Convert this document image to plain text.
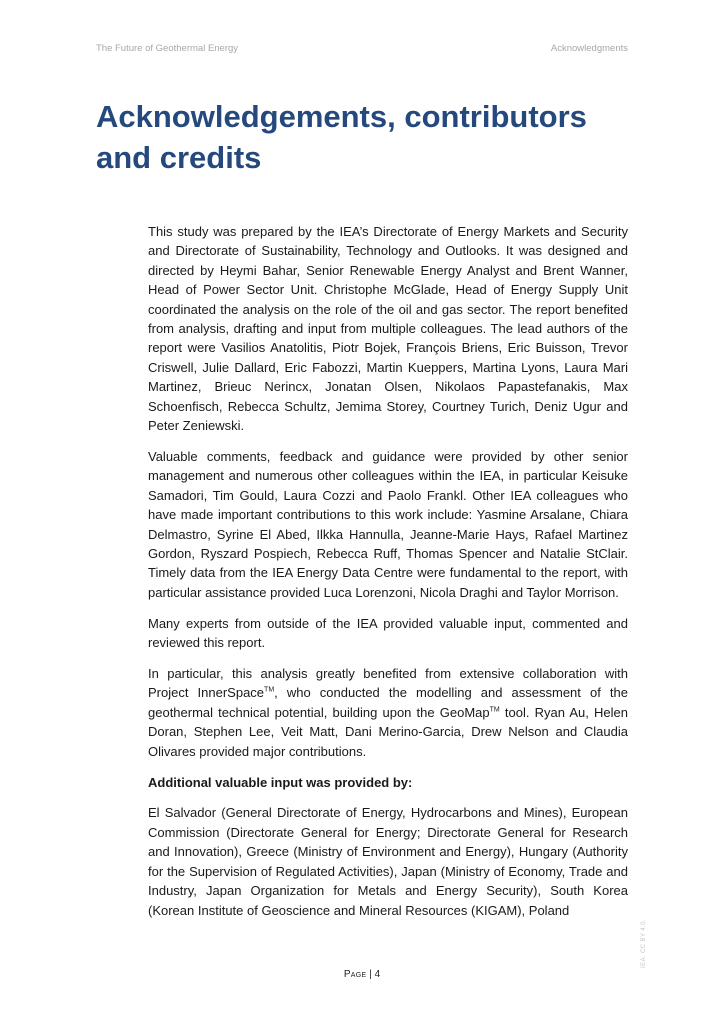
The Future of Geothermal Energy	Acknowledgments
Acknowledgements, contributors and credits

This study was prepared by the IEA’s Directorate of Energy Markets and Security and Directorate of Sustainability, Technology and Outlooks. It was designed and directed by Heymi Bahar, Senior Renewable Energy Analyst and Brent Wanner, Head of Power Sector Unit. Christophe McGlade, Head of Energy Supply Unit coordinated the analysis on the role of the oil and gas sector. The report benefited from analysis, drafting and input from multiple colleagues. The lead authors of the report were Vasilios Anatolitis, Piotr Bojek, François Briens, Eric Buisson, Trevor Criswell, Julie Dallard, Eric Fabozzi, Martin Kueppers, Martina Lyons, Laura Mari Martinez, Brieuc Nerincx, Jonatan Olsen, Nikolaos Papastefanakis, Max Schoenfisch, Rebecca Schultz, Jemima Storey, Courtney Turich, Deniz Ugur and Peter Zeniewski.

Valuable comments, feedback and guidance were provided by other senior management and numerous other colleagues within the IEA, in particular Keisuke Samadori, Tim Gould, Laura Cozzi and Paolo Frankl. Other IEA colleagues who have made important contributions to this work include: Yasmine Arsalane, Chiara Delmastro, Syrine El Abed, Ilkka Hannulla, Jeanne-Marie Hays, Rafael Martinez Gordon, Ryszard Pospiech, Rebecca Ruff, Thomas Spencer and Natalie StClair. Timely data from the IEA Energy Data Centre were fundamental to the report, with particular assistance provided Luca Lorenzoni, Nicola Draghi and Taylor Morrison.

Many experts from outside of the IEA provided valuable input, commented and reviewed this report.

In particular, this analysis greatly benefited from extensive collaboration with Project InnerSpace™, who conducted the modelling and assessment of the geothermal technical potential, building upon the GeoMap™ tool. Ryan Au, Helen Doran, Stephen Lee, Veit Matt, Dani Merino-Garcia, Drew Nelson and Claudia Olivares provided major contributions.

Additional valuable input was provided by:

El Salvador (General Directorate of Energy, Hydrocarbons and Mines), European Commission (Directorate General for Energy; Directorate General for Research and Innovation), Greece (Ministry of Environment and Energy), Hungary (Authority for the Supervision of Regulated Activities), Japan (Ministry of Economy, Trade and Industry, Japan Organization for Metals and Energy Security), South Korea (Korean Institute of Geoscience and Mineral Resources (KIGAM), Poland

Page | 4
IEA. CC BY 4.0.
